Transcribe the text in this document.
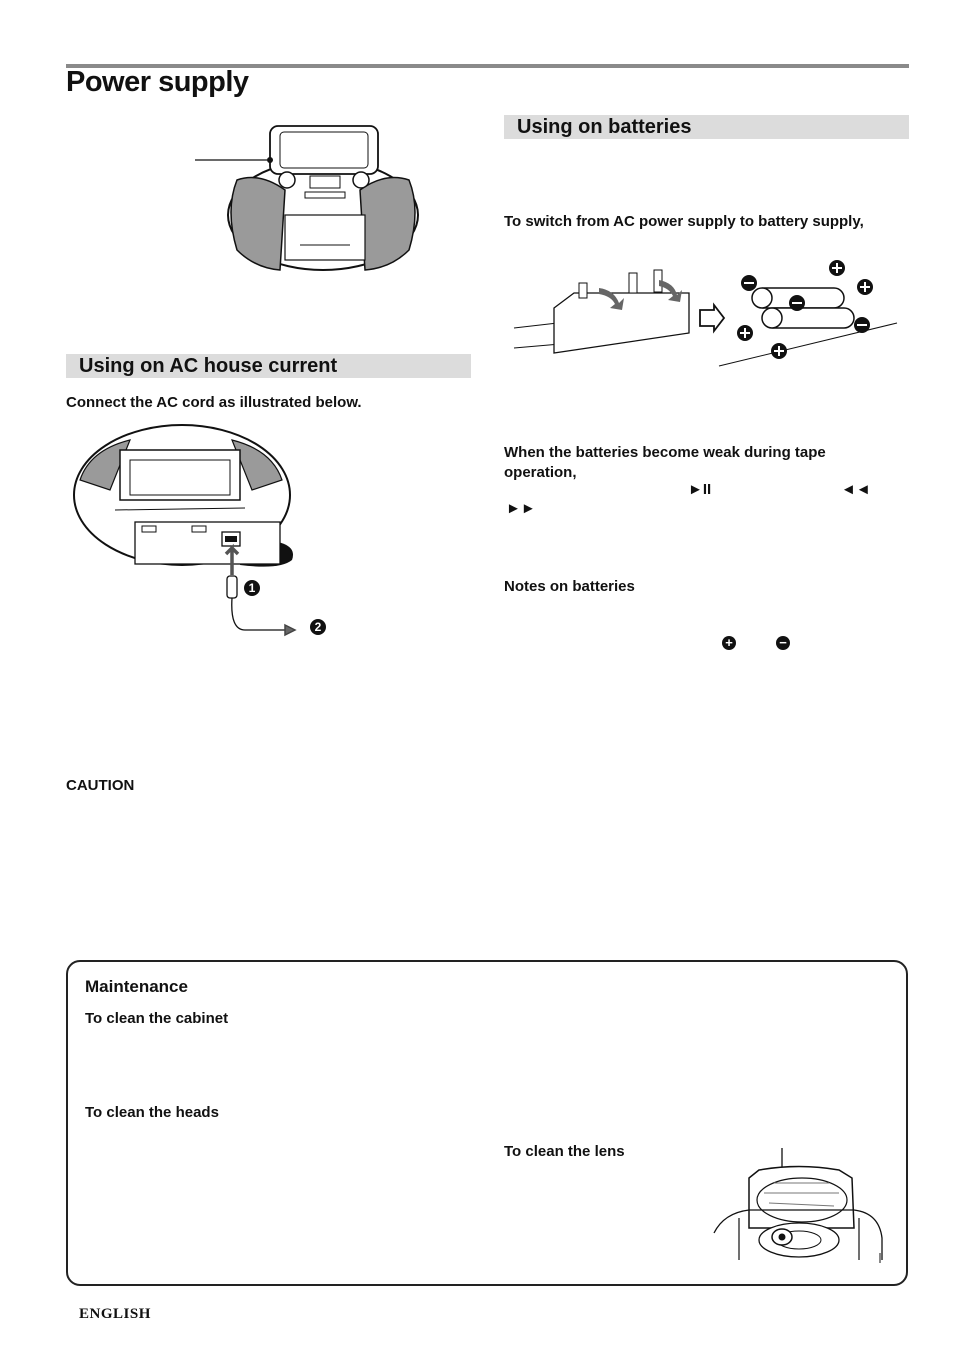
Power supply
Using on AC house current
Connect the AC cord as illustrated below.
1
2
CAUTION
Using on batteries
To switch from AC power supply to battery supply,
When the batteries become weak during tape operation,
►II	◄◄
►►
Notes on batteries
+	−
Maintenance
To clean the cabinet
To clean the heads
To clean the lens
ENGLISH
